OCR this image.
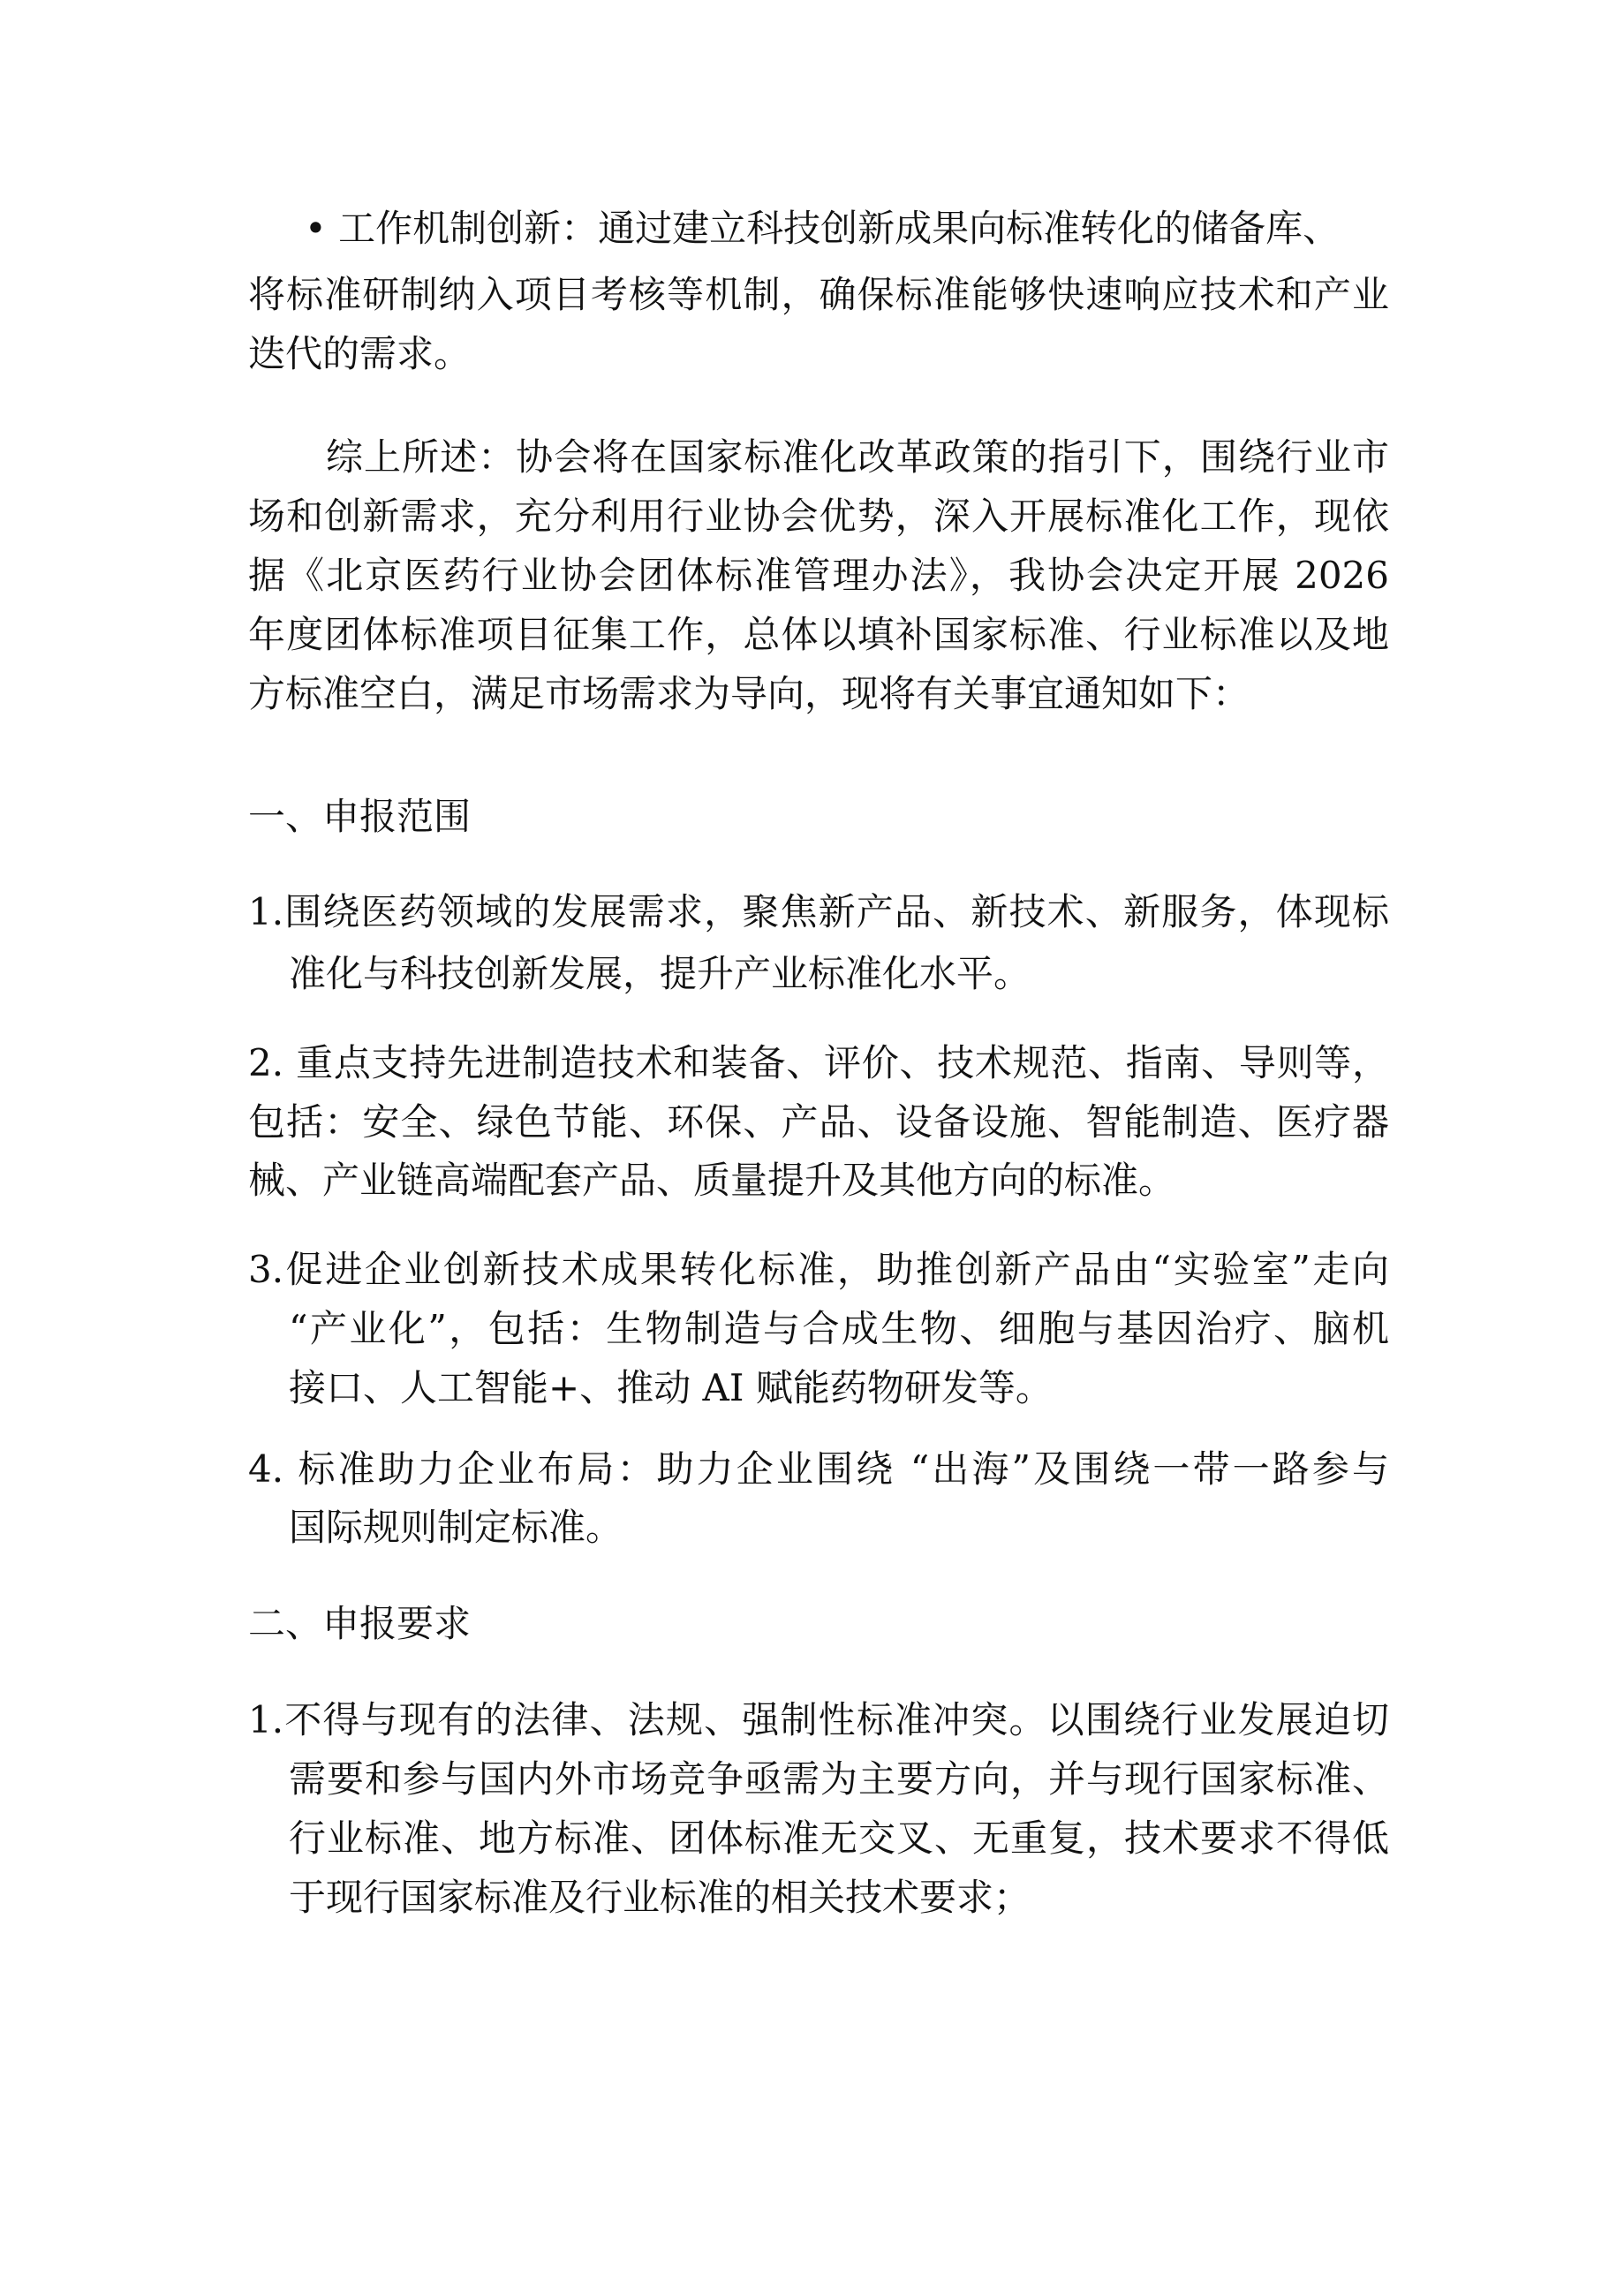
• 工作机制创新：通过建立科技创新成果向标准转化的储备库、
将标准研制纳入项目考核等机制，确保标准能够快速响应技术和产业
迭代的需求。
综上所述：协会将在国家标准化改革政策的指引下，围绕行业市
场和创新需求，充分利用行业协会优势，深入开展标准化工作，现依
据《北京医药行业协会团体标准管理办法》，我协会决定开展 2026
年度团体标准项目征集工作，总体以填补国家标准、行业标准以及地
方标准空白，满足市场需求为导向，现将有关事宜通知如下：
一、申报范围
1.围绕医药领域的发展需求，聚焦新产品、新技术、新服务，体现标
准化与科技创新发展，提升产业标准化水平。
2. 重点支持先进制造技术和装备、评价、技术规范、指南、导则等，
包括：安全、绿色节能、环保、产品、设备设施、智能制造、医疗器
械、产业链高端配套产品、质量提升及其他方向的标准。
3.促进企业创新技术成果转化标准，助推创新产品由“实验室”走向
“产业化”，包括：生物制造与合成生物、细胞与基因治疗、脑机
接口、人工智能+、推动 AI 赋能药物研发等。
4. 标准助力企业布局：助力企业围绕 “出海”及围绕一带一路参与
国际规则制定标准。
二、申报要求
1.不得与现有的法律、法规、强制性标准冲突。以围绕行业发展迫切
需要和参与国内外市场竞争亟需为主要方向，并与现行国家标准、
行业标准、地方标准、团体标准无交叉、无重复，技术要求不得低
于现行国家标准及行业标准的相关技术要求；
